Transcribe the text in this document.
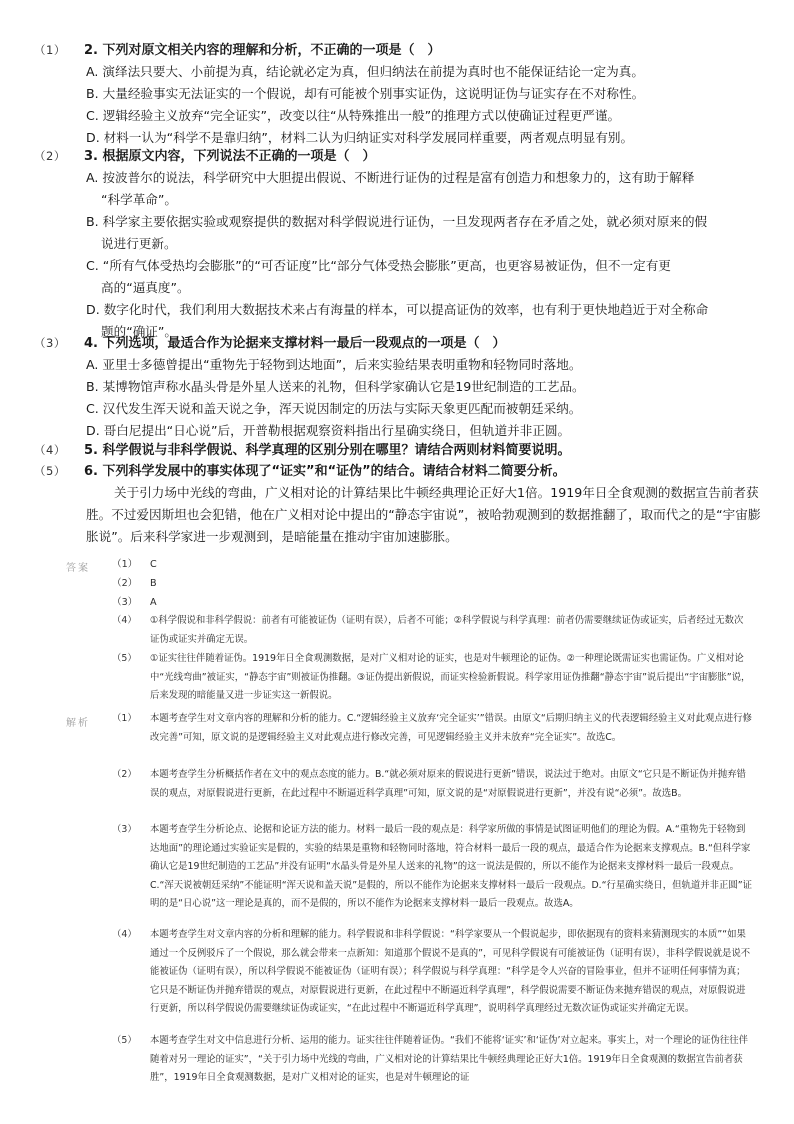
（1）	2. 下列对原文相关内容的理解和分析，不正确的一项是（　）
A. 演绎法只要大、小前提为真，结论就必定为真，但归纳法在前提为真时也不能保证结论一定为真。
B. 大量经验事实无法证实的一个假说，却有可能被个别事实证伪，这说明证伪与证实存在不对称性。
C. 逻辑经验主义放弃“完全证实”，改变以往“从特殊推出一般”的推理方式以使确证过程更严谨。
D. 材料一认为“科学不是靠归纳”，材料二认为归纳证实对科学发展同样重要，两者观点明显有别。
（2）	3. 根据原文内容，下列说法不正确的一项是（　）
A. 按波普尔的说法，科学研究中大胆提出假说、不断进行证伪的过程是富有创造力和想象力的，这有助于解释
“科学革命”。
B. 科学家主要依据实验或观察提供的数据对科学假说进行证伪，一旦发现两者存在矛盾之处，就必须对原来的假
说进行更新。
C. “所有气体受热均会膨胀”的“可否证度”比“部分气体受热会膨胀”更高，也更容易被证伪，但不一定有更
高的“逼真度”。
D. 数字化时代，我们利用大数据技术来占有海量的样本，可以提高证伪的效率，也有利于更快地趋近于对全称命
题的“确证”。
（3）	4. 下列选项，最适合作为论据来支撑材料一最后一段观点的一项是（　）
A. 亚里士多德曾提出“重物先于轻物到达地面”，后来实验结果表明重物和轻物同时落地。
B. 某博物馆声称水晶头骨是外星人送来的礼物，但科学家确认它是19世纪制造的工艺品。
C. 汉代发生浑天说和盖天说之争，浑天说因制定的历法与实际天象更匹配而被朝廷采纳。
D. 哥白尼提出“日心说”后，开普勒根据观察资料指出行星确实绕日，但轨道并非正圆。
（4）	5. 科学假说与非科学假说、科学真理的区别分别在哪里？请结合两则材料简要说明。
（5）	6. 下列科学发展中的事实体现了“证实”和“证伪”的结合。请结合材料二简要分析。
关于引力场中光线的弯曲，广义相对论的计算结果比牛顿经典理论正好大1倍。1919年日全食观测的数据宣告前者获胜。不过爱因斯坦也会犯错，他在广义相对论中提出的“静态宇宙说”，被哈勃观测到的数据推翻了，取而代之的是“宇宙膨胀说”。后来科学家进一步观测到，是暗能量在推动宇宙加速膨胀。
答案 （1） C
（2） B
（3） A
（4）	①科学假说和非科学假说：前者有可能被证伪（证明有误），后者不可能；②科学假说与科学真理：前者仍需要继续证伪或证实，后者经过无数次证伪或证实并确定无误。
（5）	①证实往往伴随着证伪。1919年日全食观测数据，是对广义相对论的证实，也是对牛顿理论的证伪。②一种理论既需证实也需证伪。广义相对论中“光线弯曲”被证实，“静态宇宙”则被证伪推翻。③证伪提出新假说，而证实检验新假说。科学家用证伪推翻“静态宇宙”说后提出“宇宙膨胀”说，后来发现的暗能量又进一步证实这一新假说。
解析 （1）	本题考查学生对文章内容的理解和分析的能力。C.“逻辑经验主义放弃‘完全证实’”错误。由原文“后期归纳主义的代表逻辑经验主义对此观点进行修改完善”可知，原文说的是逻辑经验主义对此观点进行修改完善，可见逻辑经验主义并未放弃“完全证实”。故选C。
（2）	本题考查学生分析概括作者在文中的观点态度的能力。B.“就必须对原来的假说进行更新”错误，说法过于绝对。由原文“它只是不断证伪并抛弃错误的观点，对原假说进行更新，在此过程中不断逼近科学真理”可知，原文说的是“对原假说进行更新”，并没有说“必须”。故选B。
（3）	本题考查学生分析论点、论据和论证方法的能力。材料一最后一段的观点是：科学家所做的事情是试图证明他们的理论为假。A.“重物先于轻物到达地面”的理论通过实验证实是假的，实验的结果是重物和轻物同时落地，符合材料一最后一段的观点，最适合作为论据来支撑观点。B.“但科学家确认它是19世纪制造的工艺品”并没有证明“水晶头骨是外星人送来的礼物”的这一说法是假的，所以不能作为论据来支撑材料一最后一段观点。C.“浑天说被朝廷采纳”不能证明“浑天说和盖天说”是假的，所以不能作为论据来支撑材料一最后一段观点。D.“行星确实绕日，但轨道并非正圆”证明的是“日心说”这一理论是真的，而不是假的，所以不能作为论据来支撑材料一最后一段观点。故选A。
（4）	本题考查学生对文章内容的分析和理解的能力。科学假说和非科学假说：“科学家要从一个假说起步，即依据现有的资料来猜测现实的本质”“如果通过一个反例驳斥了一个假说，那么就会带来一点新知：知道那个假说不是真的”，可见科学假说有可能被证伪（证明有误），非科学假说就是说不能被证伪（证明有误），所以科学假说不能被证伪（证明有误）；科学假说与科学真理：“科学是令人兴奋的冒险事业，但并不证明任何事情为真；它只是不断证伪并抛弃错误的观点，对原假说进行更新，在此过程中不断逼近科学真理”，科学假说需要不断证伪来抛弃错误的观点，对原假说进行更新，所以科学假说仍需要继续证伪或证实，“在此过程中不断逼近科学真理”，说明科学真理经过无数次证伪或证实并确定无误。
（5）	本题考查学生对文中信息进行分析、运用的能力。证实往往伴随着证伪。“我们不能将‘证实’和‘证伪’对立起来。事实上，对一个理论的证伪往往伴随着对另一理论的证实”，“关于引力场中光线的弯曲，广义相对论的计算结果比牛顿经典理论正好大1倍。1919年日全食观测的数据宣告前者获胜”，1919年日全食观测数据，是对广义相对论的证实，也是对牛顿理论的证
